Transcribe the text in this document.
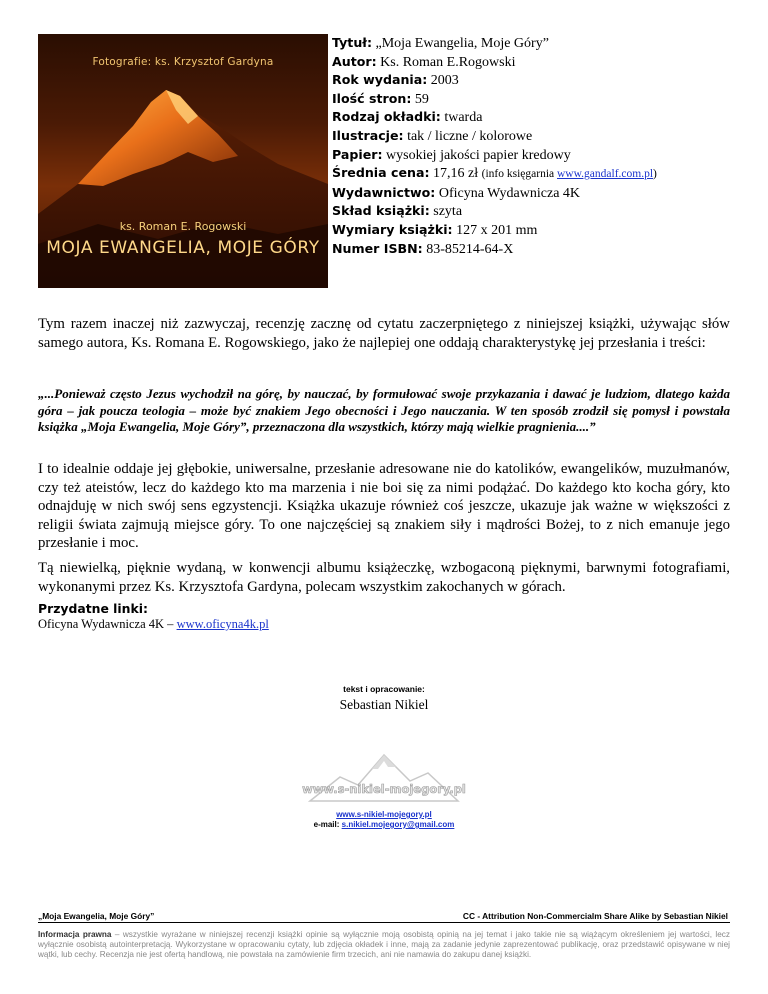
Fotografie: ks. Krzysztof Gardyna
ks. Roman E. Rogowski
MOJA EWANGELIA, MOJE GÓRY
Tytuł: „Moja Ewangelia, Moje Góry”
Autor: Ks. Roman E.Rogowski
Rok wydania: 2003
Ilość stron: 59
Rodzaj okładki: twarda
Ilustracje: tak / liczne / kolorowe
Papier: wysokiej jakości papier kredowy
Średnia cena: 17,16 zł (info księgarnia www.gandalf.com.pl)
Wydawnictwo: Oficyna Wydawnicza 4K
Skład książki: szyta
Wymiary książki: 127 x 201 mm
Numer ISBN: 83-85214-64-X

Tym razem inaczej niż zazwyczaj, recenzję zacznę od cytatu zaczerpniętego z niniejszej książki, używając słów samego autora, Ks. Romana E. Rogowskiego, jako że najlepiej one oddają charakterystykę jej przesłania i treści:

„...Ponieważ często Jezus wychodził na górę, by nauczać, by formułować swoje przykazania i dawać je ludziom, dlatego każda góra – jak poucza teologia – może być znakiem Jego obecności i Jego nauczania. W ten sposób zrodził się pomysł i powstała książka „Moja Ewangelia, Moje Góry”, przeznaczona dla wszystkich, którzy mają wielkie pragnienia....”

I to idealnie oddaje jej głębokie, uniwersalne, przesłanie adresowane nie do katolików, ewangelików, muzułmanów, czy też ateistów, lecz do każdego kto ma marzenia i nie boi się za nimi podążać. Do każdego kto kocha góry, kto odnajduję w nich swój sens egzystencji. Książka ukazuje również coś jeszcze, ukazuje jak ważne w większości z religii świata zajmują miejsce góry. To one najczęściej są znakiem siły i mądrości Bożej, to z nich emanuje jego przesłanie i moc.

Tą niewielką, pięknie wydaną, w konwencji albumu książeczkę, wzbogaconą pięknymi, barwnymi fotografiami, wykonanymi przez Ks. Krzysztofa Gardyna, polecam wszystkim zakochanych w górach.

Przydatne linki:
Oficyna Wydawnicza 4K – www.oficyna4k.pl
tekst i opracowanie:
Sebastian Nikiel
www.s-nikiel-mojegory.pl
www.s-nikiel-mojegory.pl
e-mail: s.nikiel.mojegory@gmail.com
„Moja Ewangelia, Moje Góry”	CC - Attribution Non-Commercialm Share Alike by Sebastian Nikiel
Informacja prawna – wszystkie wyrażane w niniejszej recenzji książki opinie są wyłącznie moją osobistą opinią na jej temat i jako takie nie są wiążącym określeniem jej wartości, lecz wyłącznie osobistą autointerpretacją. Wykorzystane w opracowaniu cytaty, lub zdjęcia okładek i inne, mają za zadanie jedynie zaprezentować publikację, oraz przedstawić opisywane w niej wątki, lub cechy. Recenzja nie jest ofertą handlową, nie powstała na zamówienie firm trzecich, ani nie namawia do zakupu danej książki.
